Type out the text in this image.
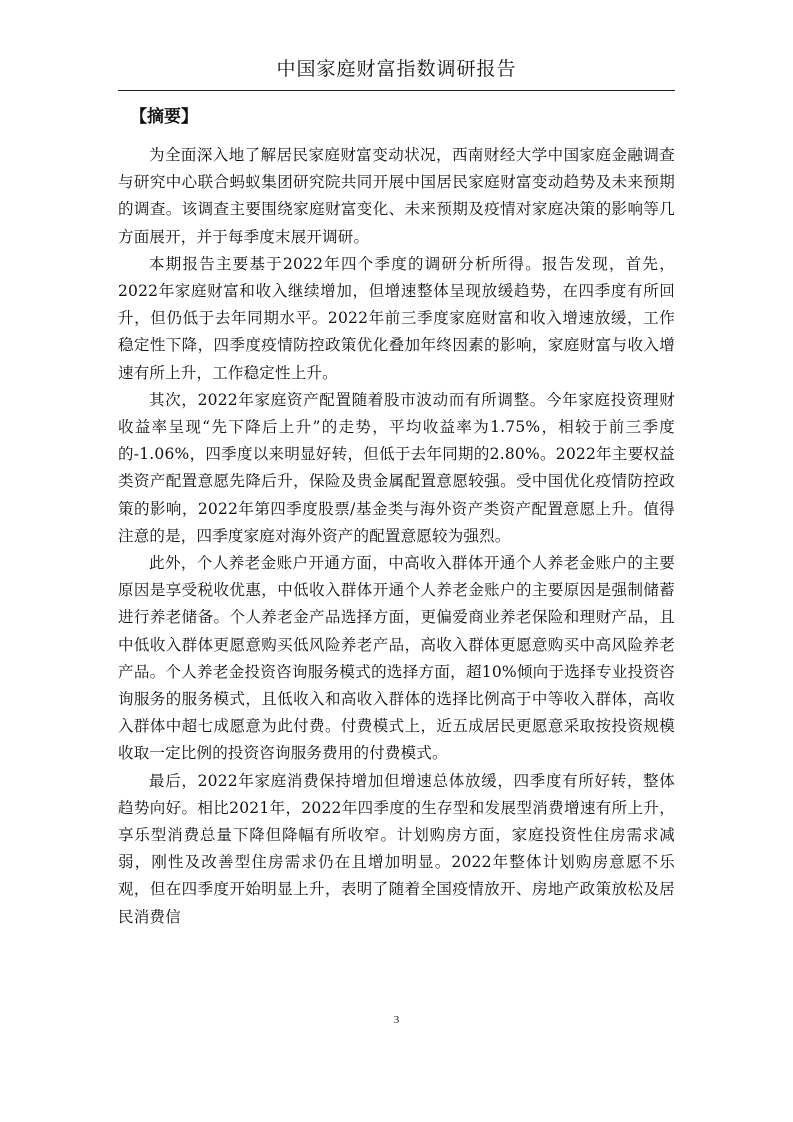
中国家庭财富指数调研报告
【摘要】

为全面深入地了解居民家庭财富变动状况，西南财经大学中国家庭金融调查与研究中心联合蚂蚁集团研究院共同开展中国居民家庭财富变动趋势及未来预期的调查。该调查主要围绕家庭财富变化、未来预期及疫情对家庭决策的影响等几方面展开，并于每季度末展开调研。

本期报告主要基于2022年四个季度的调研分析所得。报告发现，首先，2022年家庭财富和收入继续增加，但增速整体呈现放缓趋势，在四季度有所回升，但仍低于去年同期水平。2022年前三季度家庭财富和收入增速放缓，工作稳定性下降，四季度疫情防控政策优化叠加年终因素的影响，家庭财富与收入增速有所上升，工作稳定性上升。

其次，2022年家庭资产配置随着股市波动而有所调整。今年家庭投资理财收益率呈现“先下降后上升”的走势，平均收益率为1.75%，相较于前三季度的-1.06%，四季度以来明显好转，但低于去年同期的2.80%。2022年主要权益类资产配置意愿先降后升，保险及贵金属配置意愿较强。受中国优化疫情防控政策的影响，2022年第四季度股票/基金类与海外资产类资产配置意愿上升。值得注意的是，四季度家庭对海外资产的配置意愿较为强烈。

此外，个人养老金账户开通方面，中高收入群体开通个人养老金账户的主要原因是享受税收优惠，中低收入群体开通个人养老金账户的主要原因是强制储蓄进行养老储备。个人养老金产品选择方面，更偏爱商业养老保险和理财产品，且中低收入群体更愿意购买低风险养老产品，高收入群体更愿意购买中高风险养老产品。个人养老金投资咨询服务模式的选择方面，超10%倾向于选择专业投资咨询服务的服务模式，且低收入和高收入群体的选择比例高于中等收入群体，高收入群体中超七成愿意为此付费。付费模式上，近五成居民更愿意采取按投资规模收取一定比例的投资咨询服务费用的付费模式。

最后，2022年家庭消费保持增加但增速总体放缓，四季度有所好转，整体趋势向好。相比2021年，2022年四季度的生存型和发展型消费增速有所上升，享乐型消费总量下降但降幅有所收窄。计划购房方面，家庭投资性住房需求减弱，刚性及改善型住房需求仍在且增加明显。2022年整体计划购房意愿不乐观，但在四季度开始明显上升，表明了随着全国疫情放开、房地产政策放松及居民消费信

3
